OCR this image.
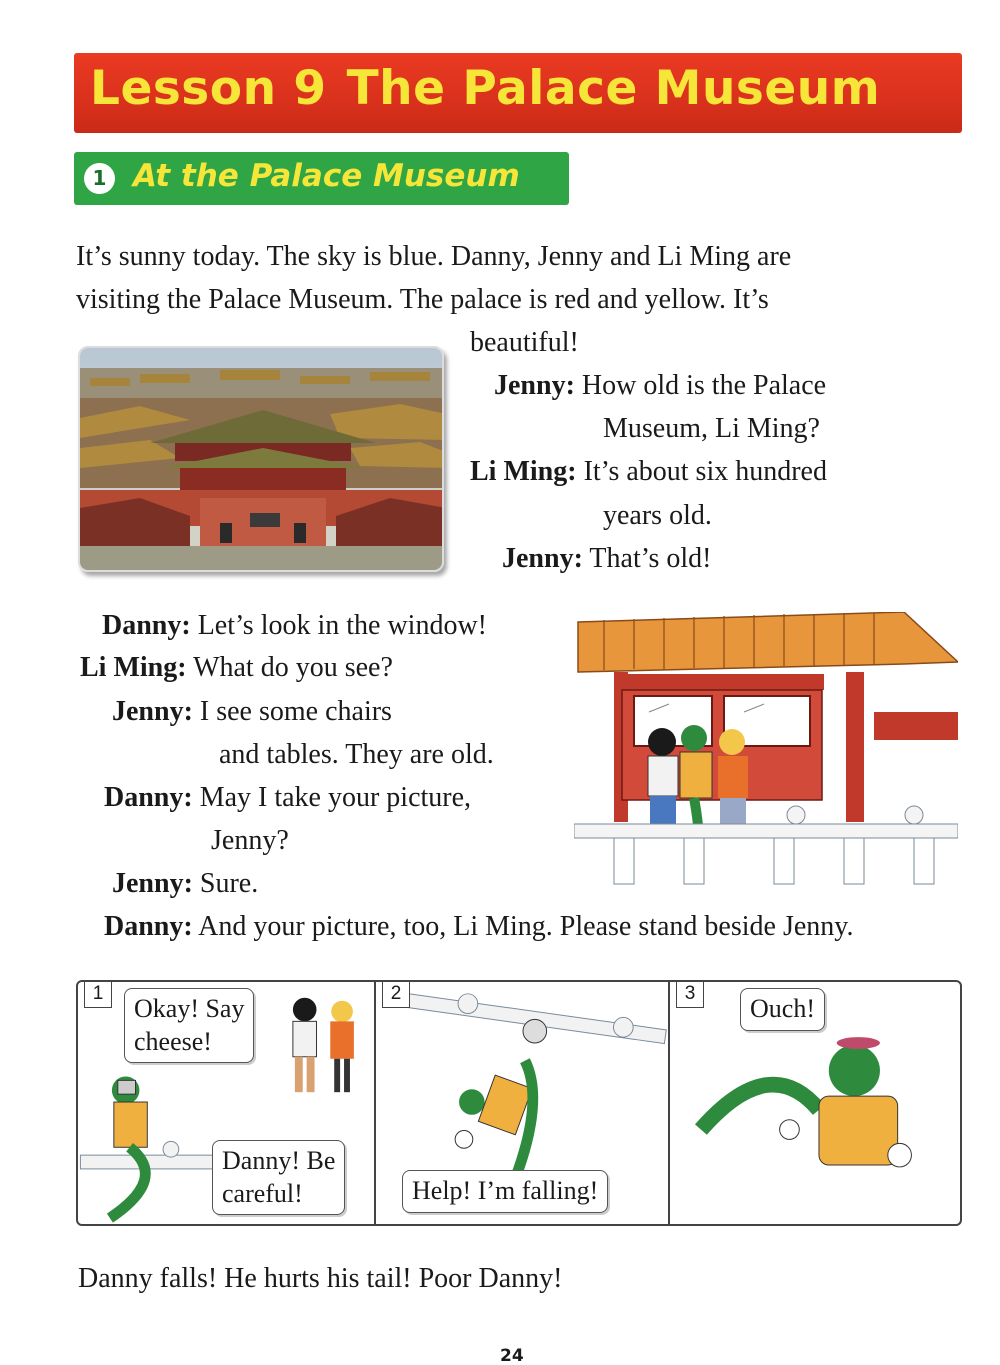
Lesson 9 The Palace Museum
1 At the Palace Museum
It’s sunny today. The sky is blue. Danny, Jenny and Li Ming are
visiting the Palace Museum. The palace is red and yellow. It’s
beautiful!
Jenny: How old is the Palace
Museum, Li Ming?
Li Ming: It’s about six hundred
years old.
Jenny: That’s old!
Danny: Let’s look in the window!
Li Ming: What do you see?
Jenny: I see some chairs
and tables. They are old.
Danny: May I take your picture,
Jenny?
Jenny: Sure.
Danny: And your picture, too, Li Ming. Please stand beside Jenny.
1
Okay! Say
cheese!
Danny! Be
careful!
2
Help! I’m falling!
3
Ouch!
Danny falls! He hurts his tail! Poor Danny!
24
